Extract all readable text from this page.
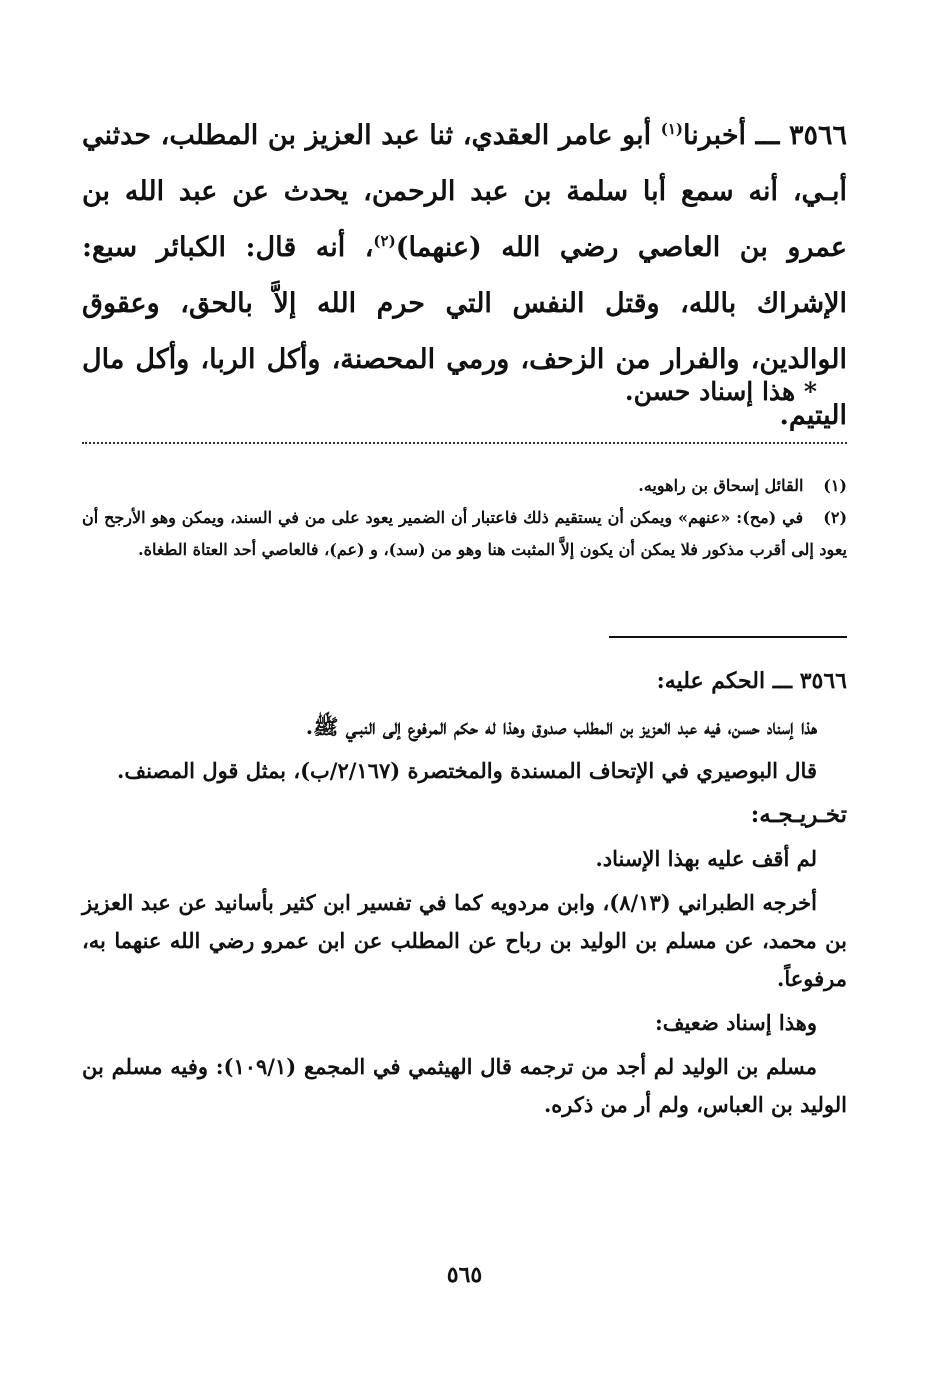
٣٥٦٦ ـــ أخبرنا$^{(١)}$ أبو عامر العقدي، ثنا عبد العزيز بن المطلب، حدثني أبـي، أنه سمع أبا سلمة بن عبد الرحمن، يحدث عن عبد الله بن عمرو بن العاصي رضي الله (عنهما)$^{(٢)}$، أنه قال: الكبائر سبع: الإشراك بالله، وقتل النفس التي حرم الله إلاَّ بالحق، وعقوق الوالدين، والفرار من الزحف، ورمي المحصنة، وأكل الربا، وأكل مال اليتيم.

* هذا إسناد حسن.

(١) القائل إسحاق بن راهويه.
(٢) في (مح): «عنهم» ويمكن أن يستقيم ذلك فاعتبار أن الضمير يعود على من في السند، ويمكن وهو الأرجح أن يعود إلى أقرب مذكور فلا يمكن أن يكون إلاَّ المثبت هنا وهو من (سد)، و (عم)، فالعاصي أحد العتاة الطغاة.

٣٥٦٦ ـــ الحكم عليه:

هذا إسناد حسن، فيه عبد العزيز بن المطلب صدوق وهذا له حكم المرفوع إلى النبـي ﷺ.

قال البوصيري في الإتحاف المسندة والمختصرة (٢/١٦٧/ب)، بمثل قول المصنف.

تخـريـجـه:

لم أقف عليه بهذا الإسناد.

أخرجه الطبراني (٨/١٣)، وابن مردويه كما في تفسير ابن كثير بأسانيد عن عبد العزيز بن محمد، عن مسلم بن الوليد بن رباح عن المطلب عن ابن عمرو رضي الله عنهما به، مرفوعاً.

وهذا إسناد ضعيف:

مسلم بن الوليد لم أجد من ترجمه قال الهيثمي في المجمع (١٠٩/١): وفيه مسلم بن الوليد بن العباس، ولم أر من ذكره.

٥٦٥
